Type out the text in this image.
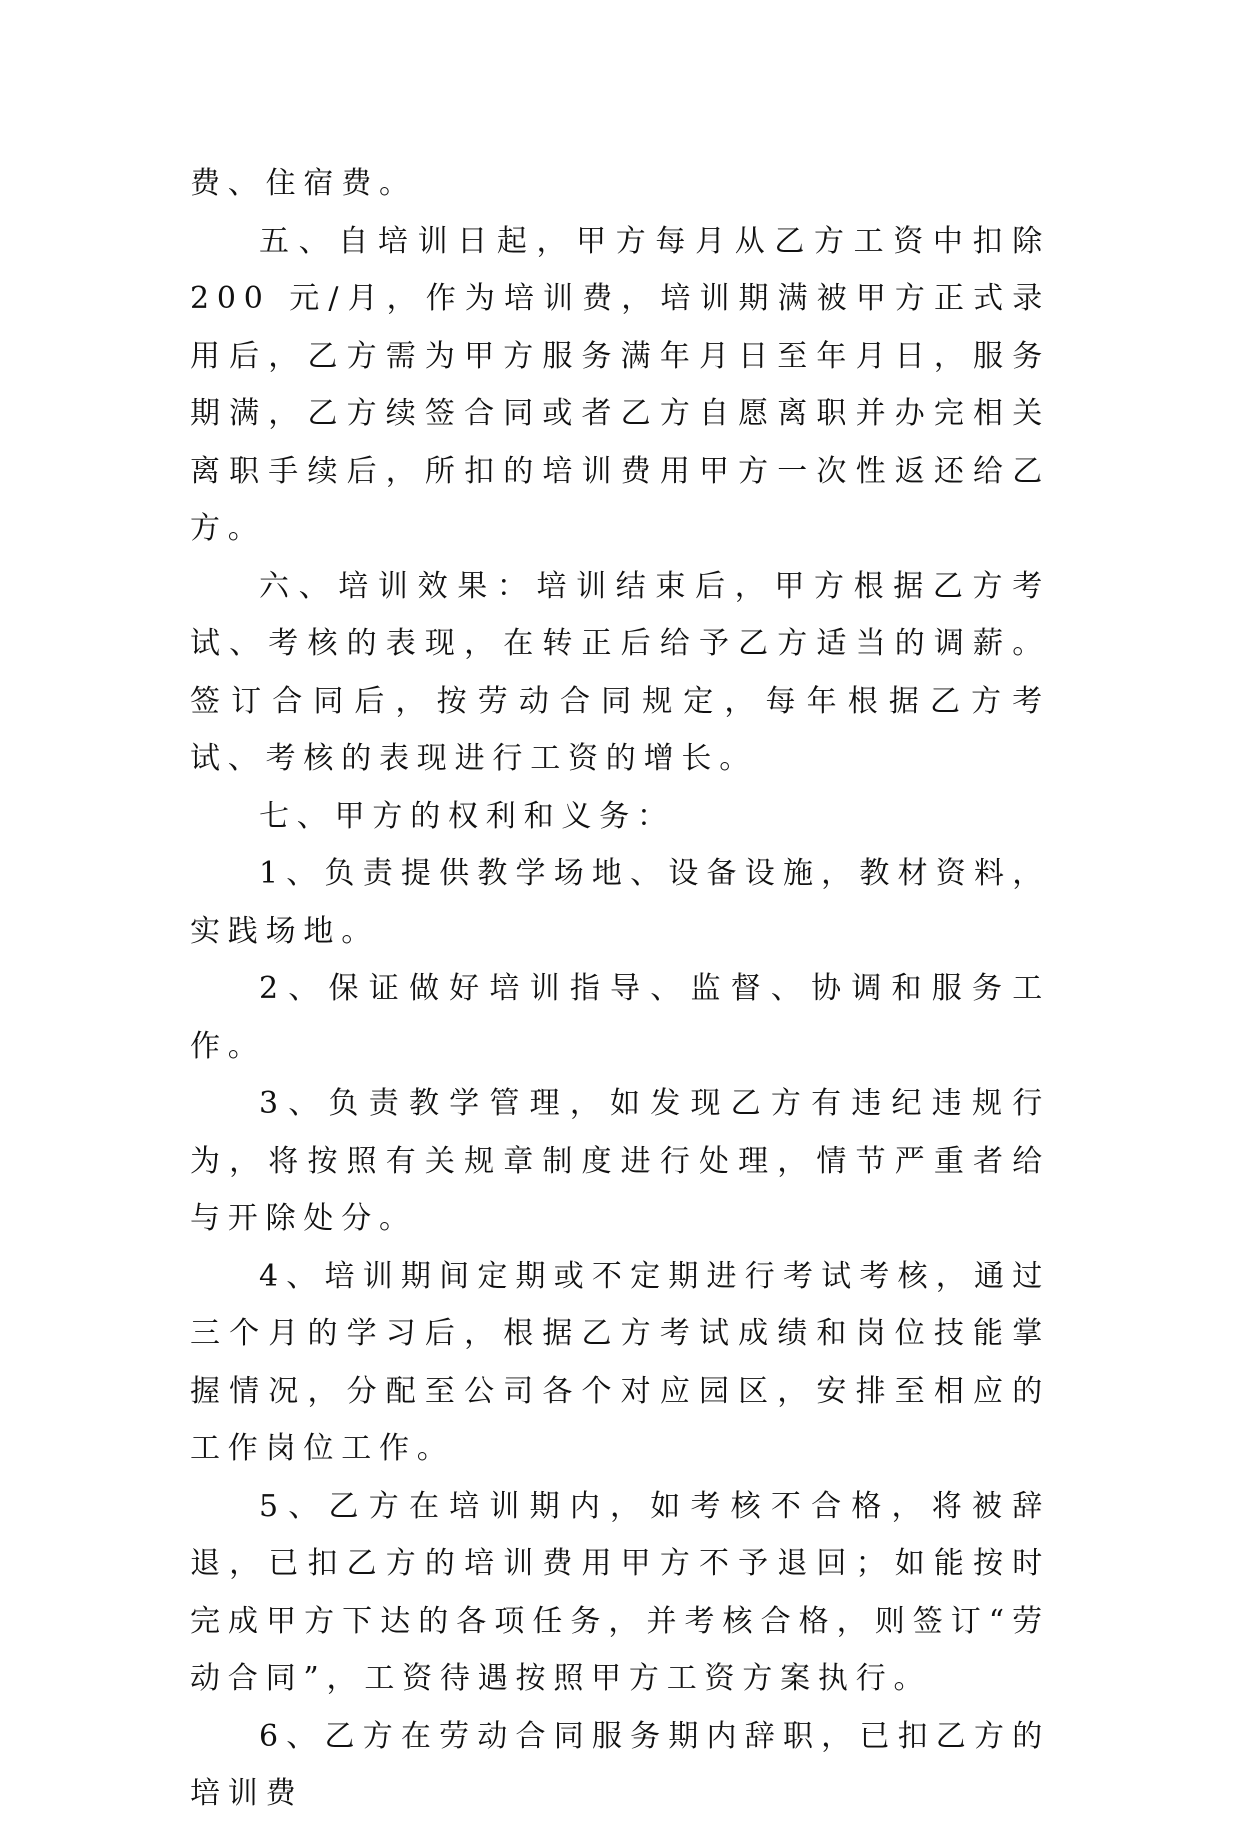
费、住宿费。

五、自培训日起，甲方每月从乙方工资中扣除 200 元/月，作为培训费，培训期满被甲方正式录用后，乙方需为甲方服务满年月日至年月日，服务期满，乙方续签合同或者乙方自愿离职并办完相关离职手续后，所扣的培训费用甲方一次性返还给乙方。

六、培训效果：培训结束后，甲方根据乙方考试、考核的表现，在转正后给予乙方适当的调薪。签订合同后，按劳动合同规定，每年根据乙方考试、考核的表现进行工资的增长。

七、甲方的权利和义务：

1、负责提供教学场地、设备设施，教材资料，实践场地。

2、保证做好培训指导、监督、协调和服务工作。

3、负责教学管理，如发现乙方有违纪违规行为，将按照有关规章制度进行处理，情节严重者给与开除处分。

4、培训期间定期或不定期进行考试考核，通过三个月的学习后，根据乙方考试成绩和岗位技能掌握情况，分配至公司各个对应园区，安排至相应的工作岗位工作。

5、乙方在培训期内，如考核不合格，将被辞退，已扣乙方的培训费用甲方不予退回；如能按时完成甲方下达的各项任务，并考核合格，则签订“劳动合同”，工资待遇按照甲方工资方案执行。

6、乙方在劳动合同服务期内辞职，已扣乙方的培训费
